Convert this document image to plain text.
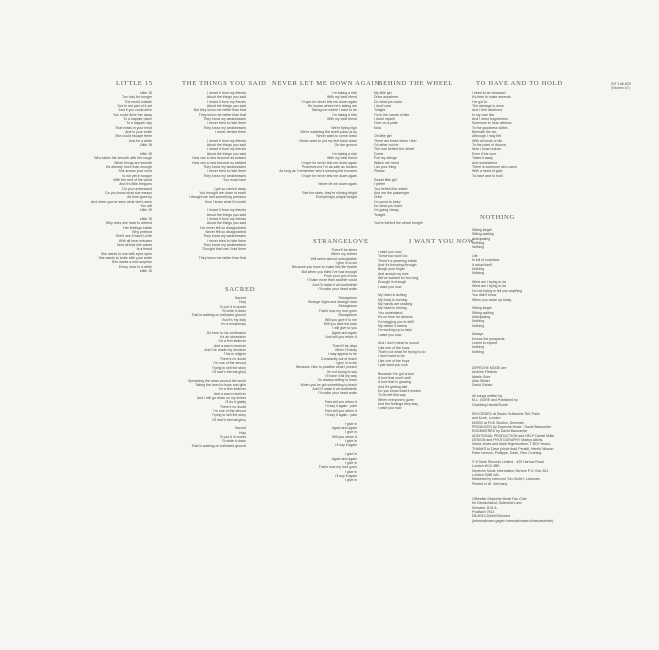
INT 146.833
(Stumm 47)
LITTLE 15
Little 15
Too holy for hunger
The world outside
You're not part of it yet
And if you could drive
You could drive her away
To a happier place
To a happier day
That exists in your mind
And in your smile
She could escape there
Just for a while
Little 15
Little 15
Who takes the smooth with the rough
When things are smooth
It's already more than enough
She knows your mind
Is not yet in tongue
With the rest of the world
And it's little intrigues
Do you understand
Do you know what she means
As time goes by
And when you've seen what she's seen
You will
Little 15
Little 15
Why does she have to defend
Her feelings inside
Why pretend
She'll see it hasn't a life
With all hear misuses
Now all that she wants
Is a friend
She wants to use with eyes open
She wants to smile with your smile
She wants a nice surprise
Every once in a while
Little 15
THE THINGS YOU SAID
I heard it from my friends
About the things you said
I heard it from my friends
About the things you said
But they know me better than that
They know me better than that
They know my weaknesses
I never tried to hide them
They know my weaknesses
I never denied them
I heard it from my friends
About the things you said
I heard it from my friends
About the things you said
How can a new become as twisted
How can a new become so twisted
They know my weaknesses
I never tried to hide them
They know my weaknesses
You must have
I got so carried away
You brought me down to earth
I thought we had something precious
How I knew what it's worth
I heard it from my friends
About the things you said
I heard it from my friends
About the things you said
I've never felt so disappointed
Never felt so disappointed
They know my weaknesses
I never tried to hide them
They know my weaknesses
Thought that one I had them
They know me better than that
SACRED
Sacred
Holy
To put it in words
To write it down
That is walking on hallowed ground
But it's my duty
I'm a missionary
So here is my confession
It's an obsession
I'm a firm believer
And a warm receiver
And I've made my decision
This is religion
There's no doubt
I'm one of the devout
Trying to sell the story
Of love's eternal glory
Spreading the news around the world
Taking the word to boys and girls
I'm a firm believer
And a warm receiver
And I will go down on my knees
I'll do it gladly
There's no doubt
I'm one of the devout
Trying to sell the story
Of love's eternal glory
Sacred
Holy
To put it in words
To write it down
That is walking on hallowed ground
NEVER LET ME DOWN AGAIN
I'm taking a ride
With my best friend
I hope he never lets me down again
He knows where he's taking me
Taking me where I want to be
I'm taking a ride
With my best friend
We're flying high
We're watching the world pass us by
Never want to come down
Never want to put my feet back down
On the ground
I'm taking a ride
With my best friend
I hope he never lets me down again
Promises me I'm as safe as houses
As long as I remember who's wearing the trousers
I hope he never lets me down again
Never let me down again
See the stars, they're shining bright
Everything's alright tonight
STRANGELOVE
There'll be times
When my crimes
Will seem almost unforgivable
I give in to sin
Because you have to make this life livable
But when you think I've had enough
From your pot of love
I'll take more than another could
And I'll make it all worthwhile
I'll make your heart smile
Strangelove
Strange highs and strange lows
Strangelove
That's how my love goes
Strangelove
Will you give it to me
Will you take the pain
I will give to you
Again and again
And will you return it
There'll be days
When I'll stray
I may appear to be
Constantly out of reach
I give in to sin
Because I like to practise what I preach
I'm not trying to say
I'll have it all my way
I'm always willing to learn
When you've got something to teach
And I'll make it all worthwhile
I'll make your heart smile
Pain will you return it
I'll say it again - pain
Pain will you return it
I'll say it again - pain
I give in
Again and again
I give in
Will you return it
I give in
I'll say it again
I give in
Again and again
I give in
That's how my love goes
I give in
I'll say it again
I give in
BEHIND THE WHEEL
My little girl
Drive anywhere
Do what you want
I don't care
Tonight
I'm in the hands of fate
I hand myself
Over on a plate
Now
Oh little girl
There are times when I feel
I'd rather not be
The one behind the wheel
Come
Pull my strings
Watch me move
I do your thing
Please
Sweet little girl
I prefer
You behind the wheel
And me the passenger
Drive
I'm yours to keep
Do what you want
I'm going cheap
Tonight
You're behind the wheel tonight
I WANT YOU NOW
I want you now
Tomorrow won't do
There's a yearning inside
And it's throwing through
Burgh your finger
And accept my love
We've wanted for too long
Enough is enough
I want you now
My heart is aching
My body is burning
My hands are shaking
My head is turning
You understand
It's no time for dreams
I'm begging you to fulfil
My desire it seems
I'm working up to take
I want you now
And I don't mean to sound
Like one of the boys
That's not what I'm trying to do
I don't want to be
Like one of the boys
I just want you now
Because I've got a love
A love that won't wait
A love that is growing
And it's getting late
Do you know what it means
To be left this way
When everyone's gone
And the feelings they stay
I want you now
TO HAVE AND TO HOLD
I need to be cleansed
It's time to make amends
I've got to
The damage is done
And I feel deceived
In my own lies
And I need forgiveness
Someone to hear witness
To the goodness within
Beneath the sin
Although I may flirt
With all kinds of dirt
To the point of divorce
Now I must reduce
Even if the cure
Takes it away
And somewhere
There is someone who cares
With a heart of gold
To have and to hold
NOTHING
Sitting target
Sitting waiting
Anticipating
Nothing
Nothing
Life
Is full of surprises
It adopt itself
Nothing
Nothing
What am I trying to do
What am I trying to be
I'm not trying to tell you anything
You didn't know
When you woke up today
Sitting target
Sitting waiting
Anticipating
Nothing
Nothing
Always
Knows the prospects
Learnt to expect
Nothing
Nothing
DEPECHE MODE are
Andrew Fletcher
Martin Gore
Alan Wilder
David Gahan
All songs written by
M.L. GORE and Published by
Grabbing Hands/Sonet
RECORDED at Studio Guillaume Tell, Paris
and Konk, London
MIXED at PUK Studios, Denmark
PRODUCED by Depeche Mode · David Bascombe
ENGINEERED by David Bascombe
ADDITIONAL PRODUCTION and HELP Daniel Miller
DESIGN and PHOTOGRAPHY Martyn Atkins,
David Jones and Mark Higenbottam, T BOY Assoc.
THANKS to Dave (chick that) Penalti, Henrik Nilsson
Peter Iverson, Phillippe, Dean, Rico Conning
© ℗ Mute Records Limited · 429 Harrow Road
London W10 4RE
Depeche Mode Information Service P.O. Box 304
London SW8 4AL
Marketed by Intercord Ton GmbH, Licensee.
Printed in W. Germany
Offizieller Depeche Mode Fan-Club
für Deutschland, Österreich und
Schweiz: B.M.A.
Postfach 7514
D8-8013 Zürich/Schweiz
(Informationen gegen Internationalen Antwortschein)
